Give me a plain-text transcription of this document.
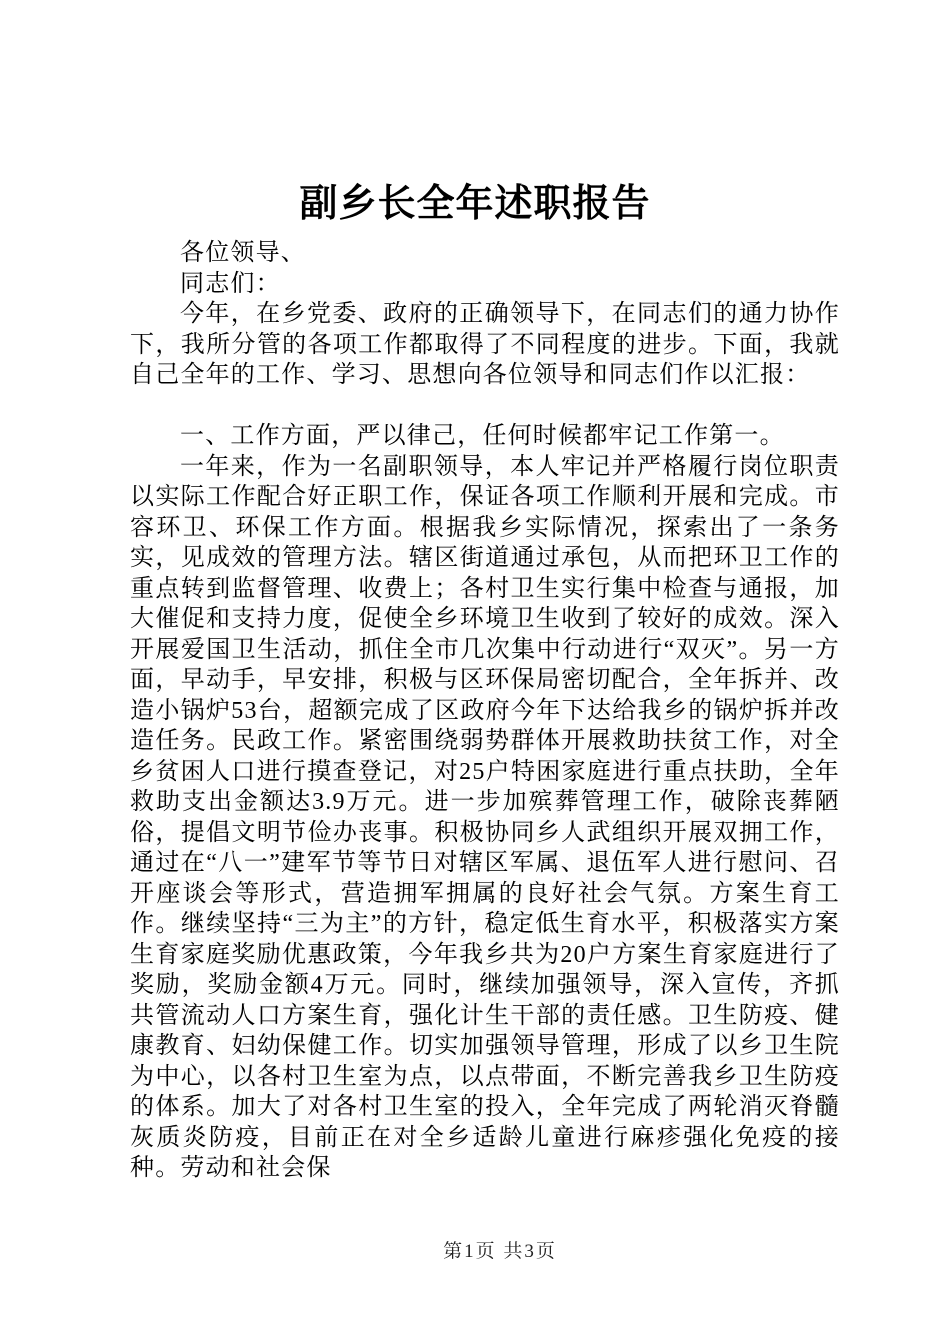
副乡长全年述职报告

各位领导、

同志们：

今年，在乡党委、政府的正确领导下，在同志们的通力协作下，我所分管的各项工作都取得了不同程度的进步。下面，我就自己全年的工作、学习、思想向各位领导和同志们作以汇报：

一、工作方面，严以律己，任何时候都牢记工作第一。

一年来，作为一名副职领导，本人牢记并严格履行岗位职责以实际工作配合好正职工作，保证各项工作顺利开展和完成。市容环卫、环保工作方面。根据我乡实际情况，探索出了一条务实，见成效的管理方法。辖区街道通过承包，从而把环卫工作的重点转到监督管理、收费上；各村卫生实行集中检查与通报，加大催促和支持力度，促使全乡环境卫生收到了较好的成效。深入开展爱国卫生活动，抓住全市几次集中行动进行“双灭”。另一方面，早动手，早安排，积极与区环保局密切配合，全年拆并、改造小锅炉53台，超额完成了区政府今年下达给我乡的锅炉拆并改造任务。民政工作。紧密围绕弱势群体开展救助扶贫工作，对全乡贫困人口进行摸查登记，对25户特困家庭进行重点扶助，全年救助支出金额达3.9万元。进一步加殡葬管理工作，破除丧葬陋俗，提倡文明节俭办丧事。积极协同乡人武组织开展双拥工作，通过在“八一”建军节等节日对辖区军属、退伍军人进行慰问、召开座谈会等形式，营造拥军拥属的良好社会气氛。方案生育工作。继续坚持“三为主”的方针，稳定低生育水平，积极落实方案生育家庭奖励优惠政策，今年我乡共为20户方案生育家庭进行了奖励，奖励金额4万元。同时，继续加强领导，深入宣传，齐抓共管流动人口方案生育，强化计生干部的责任感。卫生防疫、健康教育、妇幼保健工作。切实加强领导管理，形成了以乡卫生院为中心，以各村卫生室为点，以点带面，不断完善我乡卫生防疫的体系。加大了对各村卫生室的投入，全年完成了两轮消灭脊髓灰质炎防疫，目前正在对全乡适龄儿童进行麻疹强化免疫的接种。劳动和社会保

第1页 共3页
